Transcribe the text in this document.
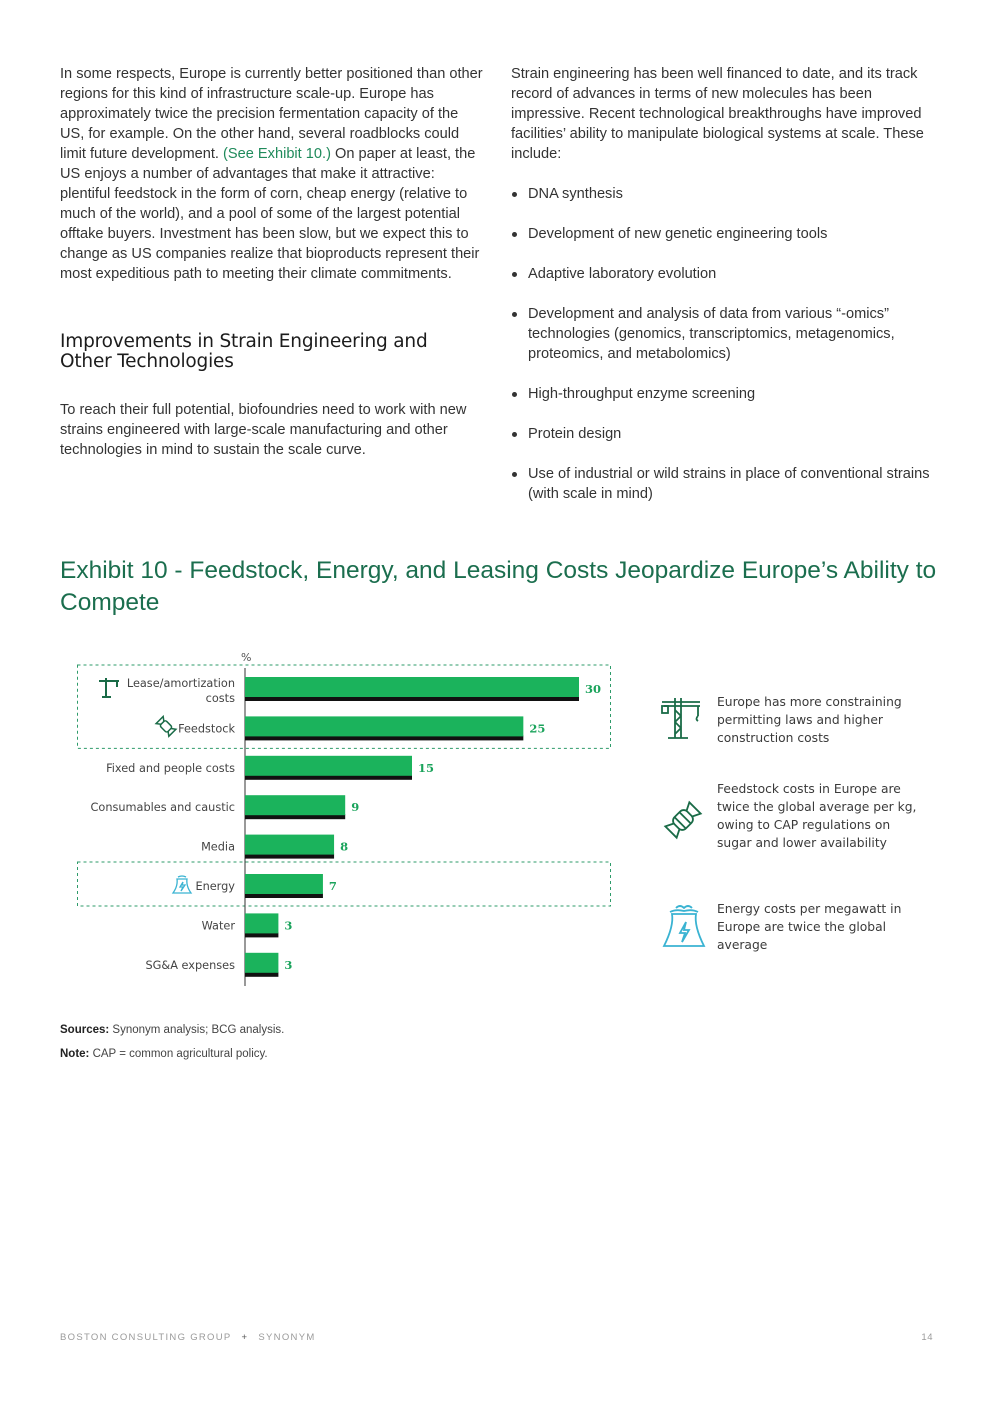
In some respects, Europe is currently better positioned than other regions for this kind of infrastructure scale-up. Europe has approximately twice the precision fermentation capacity of the US, for example. On the other hand, several roadblocks could limit future development. (See Exhibit 10.) On paper at least, the US enjoys a number of advantages that make it attractive: plentiful feedstock in the form of corn, cheap energy (relative to much of the world), and a pool of some of the largest potential offtake buyers. Investment has been slow, but we expect this to change as US companies realize that bioproducts represent their most expeditious path to meeting their climate commitments.

Improvements in Strain Engineering and Other Technologies

To reach their full potential, biofoundries need to work with new strains engineered with large-scale manufacturing and other technologies in mind to sustain the scale curve.

Strain engineering has been well financed to date, and its track record of advances in terms of new molecules has been impressive. Recent technological breakthroughs have improved facilities’ ability to manipulate biological systems at scale. These include:

DNA synthesis
Development of new genetic engineering tools
Adaptive laboratory evolution
Development and analysis of data from various “-omics” technologies (genomics, transcriptomics, metagenomics, proteomics, and metabolomics)
High-throughput enzyme screening
Protein design
Use of industrial or wild strains in place of conventional strains (with scale in mind)
Exhibit 10 - Feedstock, Energy, and Leasing Costs Jeopardize Europe’s Ability to Compete
%
30
Lease/amortization costs
25
Feedstock
15
Fixed and people costs
9
Consumables and caustic
8
Media
7
Energy
3
Water
3
SG&A expenses
Europe has more constraining permitting laws and higher construction costs
Feedstock costs in Europe are twice the global average per kg, owing to CAP regulations on sugar and lower availability
Energy costs per megawatt in Europe are twice the global average
Sources: Synonym analysis; BCG analysis.
Note: CAP = common agricultural policy.
BOSTON CONSULTING GROUP + SYNONYM	14
